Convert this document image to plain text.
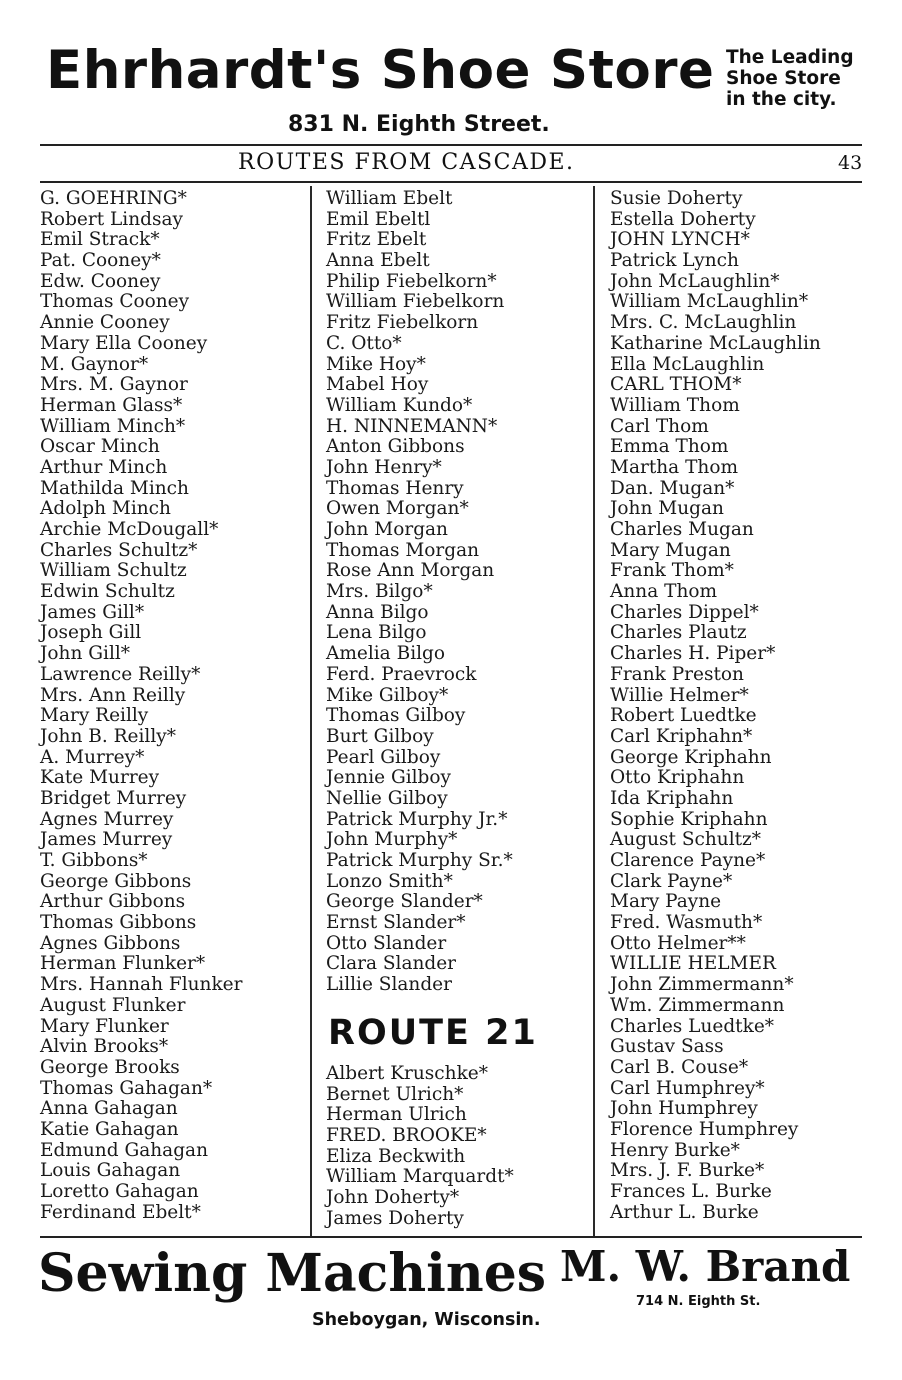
Ehrhardt's Shoe Store The Leading
Shoe Store
in the city.
831 N. Eighth Street.
ROUTES FROM CASCADE.	43
G. GOEHRING*
Robert Lindsay
Emil Strack*
Pat. Cooney*
Edw. Cooney
Thomas Cooney
Annie Cooney
Mary Ella Cooney
M. Gaynor*
Mrs. M. Gaynor
Herman Glass*
William Minch*
Oscar Minch
Arthur Minch
Mathilda Minch
Adolph Minch
Archie McDougall*
Charles Schultz*
William Schultz
Edwin Schultz
James Gill*
Joseph Gill
John Gill*
Lawrence Reilly*
Mrs. Ann Reilly
Mary Reilly
John B. Reilly*
A. Murrey*
Kate Murrey
Bridget Murrey
Agnes Murrey
James Murrey
T. Gibbons*
George Gibbons
Arthur Gibbons
Thomas Gibbons
Agnes Gibbons
Herman Flunker*
Mrs. Hannah Flunker
August Flunker
Mary Flunker
Alvin Brooks*
George Brooks
Thomas Gahagan*
Anna Gahagan
Katie Gahagan
Edmund Gahagan
Louis Gahagan
Loretto Gahagan
Ferdinand Ebelt*
William Ebelt
Emil Ebeltl
Fritz Ebelt
Anna Ebelt
Philip Fiebelkorn*
William Fiebelkorn
Fritz Fiebelkorn
C. Otto*
Mike Hoy*
Mabel Hoy
William Kundo*
H. NINNEMANN*
Anton Gibbons
John Henry*
Thomas Henry
Owen Morgan*
John Morgan
Thomas Morgan
Rose Ann Morgan
Mrs. Bilgo*
Anna Bilgo
Lena Bilgo
Amelia Bilgo
Ferd. Praevrock
Mike Gilboy*
Thomas Gilboy
Burt Gilboy
Pearl Gilboy
Jennie Gilboy
Nellie Gilboy
Patrick Murphy Jr.*
John Murphy*
Patrick Murphy Sr.*
Lonzo Smith*
George Slander*
Ernst Slander*
Otto Slander
Clara Slander
Lillie Slander
Susie Doherty
Estella Doherty
JOHN LYNCH*
Patrick Lynch
John McLaughlin*
William McLaughlin*
Mrs. C. McLaughlin
Katharine McLaughlin
Ella McLaughlin
CARL THOM*
William Thom
Carl Thom
Emma Thom
Martha Thom
Dan. Mugan*
John Mugan
Charles Mugan
Mary Mugan
Frank Thom*
Anna Thom
Charles Dippel*
Charles Plautz
Charles H. Piper*
Frank Preston
Willie Helmer*
Robert Luedtke
Carl Kriphahn*
George Kriphahn
Otto Kriphahn
Ida Kriphahn
Sophie Kriphahn
August Schultz*
Clarence Payne*
Clark Payne*
Mary Payne
Fred. Wasmuth*
Otto Helmer**
WILLIE HELMER
John Zimmermann*
Wm. Zimmermann
Charles Luedtke*
Gustav Sass
Carl B. Couse*
Carl Humphrey*
John Humphrey
Florence Humphrey
Henry Burke*
Mrs. J. F. Burke*
Frances L. Burke
Arthur L. Burke
ROUTE 21
Albert Kruschke*
Bernet Ulrich*
Herman Ulrich
FRED. BROOKE*
Eliza Beckwith
William Marquardt*
John Doherty*
James Doherty
Sewing Machines M. W. Brand
714 N. Eighth St.
Sheboygan, Wisconsin.
